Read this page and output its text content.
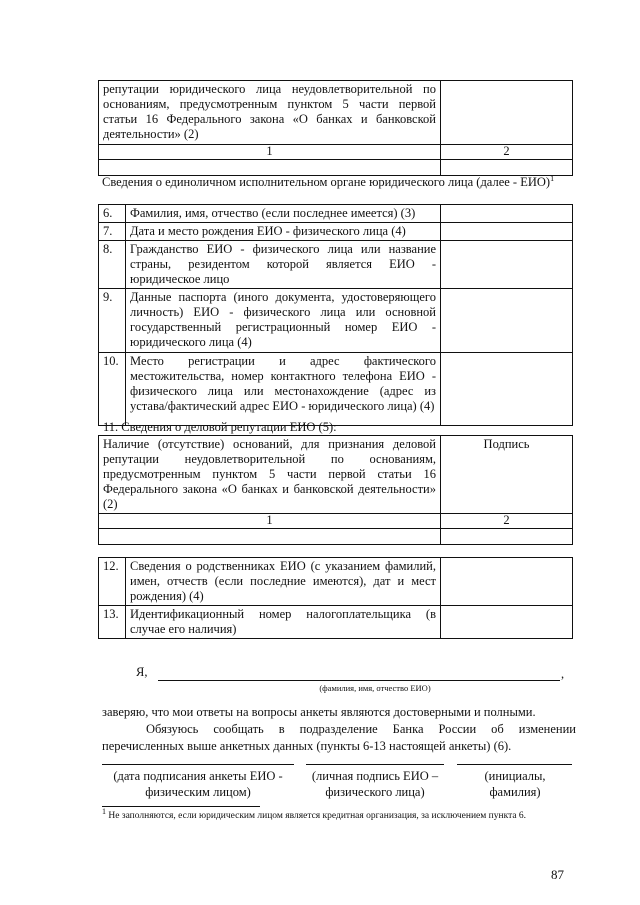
репутации юридического лица неудовлетворительной по основаниям, предусмотренным пунктом 5 части первой статьи 16 Федерального закона «О банках и банковской деятельности» (2)	
1	2

Сведения о единоличном исполнительном органе юридического лица (далее - ЕИО)$^1$
6.	Фамилия, имя, отчество (если последнее имеется) (3)	
7.	Дата и место рождения ЕИО - физического лица (4)	
8.	Гражданство ЕИО - физического лица или название страны, резидентом которой является ЕИО - юридическое лицо	
9.	Данные паспорта (иного документа, удостоверяющего личность) ЕИО - физического лица или основной государственный регистрационный номер ЕИО - юридического лица (4)	
10.	Место регистрации и адрес фактического местожительства, номер контактного телефона ЕИО - физического лица или местонахождение (адрес из устава/фактический адрес ЕИО - юридического лица) (4)	
11. Сведения о деловой репутации ЕИО (5):
Наличие (отсутствие) оснований, для признания деловой репутации неудовлетворительной по основаниям, предусмотренным пунктом 5 части первой статьи 16 Федерального закона «О банках и банковской деятельности» (2)	Подпись
1	2

12.	Сведения о родственниках ЕИО (с указанием фамилий, имен, отчеств (если последние имеются), дат и мест рождения) (4)	
13.	Идентификационный номер налогоплательщика (в случае его наличия)	
Я,	,
(фамилия, имя, отчество ЕИО)
заверяю, что мои ответы на вопросы анкеты являются достоверными и полными.
Обязуюсь сообщать в подразделение Банка России об изменении
перечисленных выше анкетных данных (пункты 6-13 настоящей анкеты) (6).
(дата подписания анкеты ЕИО - физическим лицом)
(личная подпись ЕИО – физического лица)
(инициалы, фамилия)
$^1$ Не заполняются, если юридическим лицом является кредитная организация, за исключением пункта 6.
87
